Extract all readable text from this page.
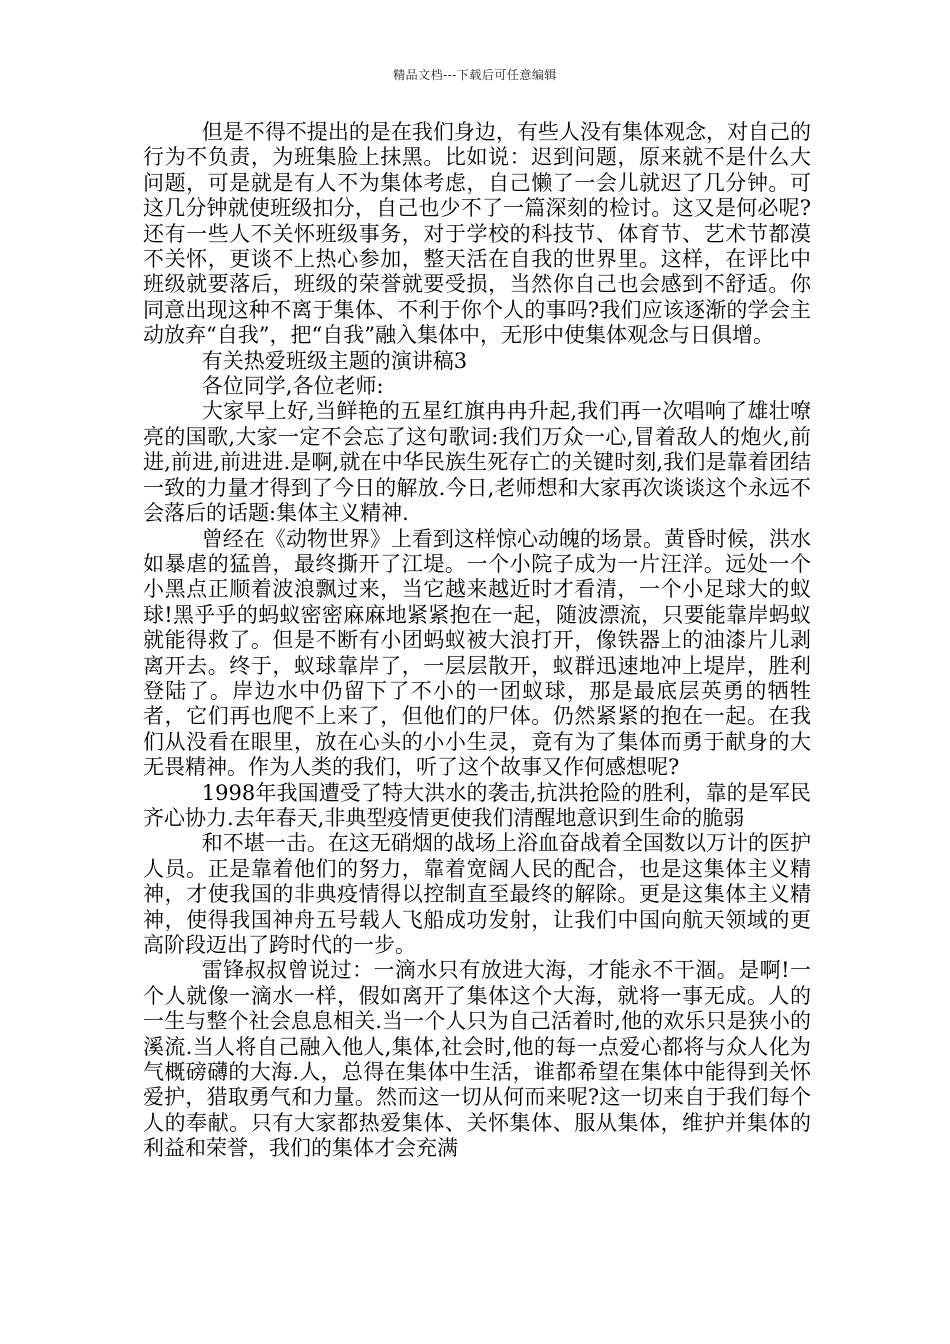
精品文档---下载后可任意编辑

但是不得不提出的是在我们身边，有些人没有集体观念，对自己的行为不负责，为班集脸上抹黑。比如说：迟到问题，原来就不是什么大问题，可是就是有人不为集体考虑，自己懒了一会儿就迟了几分钟。可这几分钟就使班级扣分，自己也少不了一篇深刻的检讨。这又是何必呢?还有一些人不关怀班级事务，对于学校的科技节、体育节、艺术节都漠不关怀，更谈不上热心参加，整天活在自我的世界里。这样，在评比中班级就要落后，班级的荣誉就要受损，当然你自己也会感到不舒适。你同意出现这种不离于集体、不利于你个人的事吗?我们应该逐渐的学会主动放弃“自我”，把“自我”融入集体中，无形中使集体观念与日俱增。

有关热爱班级主题的演讲稿3

各位同学,各位老师:

大家早上好,当鲜艳的五星红旗冉冉升起,我们再一次唱响了雄壮嘹亮的国歌,大家一定不会忘了这句歌词:我们万众一心,冒着敌人的炮火,前进,前进,前进进.是啊,就在中华民族生死存亡的关键时刻,我们是靠着团结一致的力量才得到了今日的解放.今日,老师想和大家再次谈谈这个永远不会落后的话题:集体主义精神.

曾经在《动物世界》上看到这样惊心动魄的场景。黄昏时候，洪水如暴虐的猛兽，最终撕开了江堤。一个小院子成为一片汪洋。远处一个小黑点正顺着波浪飘过来，当它越来越近时才看清，一个小足球大的蚁球!黑乎乎的蚂蚁密密麻麻地紧紧抱在一起，随波漂流，只要能靠岸蚂蚁就能得救了。但是不断有小团蚂蚁被大浪打开，像铁器上的油漆片儿剥离开去。终于，蚁球靠岸了，一层层散开，蚁群迅速地冲上堤岸，胜利登陆了。岸边水中仍留下了不小的一团蚁球，那是最底层英勇的牺牲者，它们再也爬不上来了，但他们的尸体。仍然紧紧的抱在一起。在我们从没看在眼里，放在心头的小小生灵，竟有为了集体而勇于献身的大无畏精神。作为人类的我们，听了这个故事又作何感想呢?

1998年我国遭受了特大洪水的袭击,抗洪抢险的胜利，靠的是军民齐心协力.去年春天,非典型疫情更使我们清醒地意识到生命的脆弱

和不堪一击。在这无硝烟的战场上浴血奋战着全国数以万计的医护人员。正是靠着他们的努力，靠着宽阔人民的配合，也是这集体主义精神，才使我国的非典疫情得以控制直至最终的解除。更是这集体主义精神，使得我国神舟五号载人飞船成功发射，让我们中国向航天领域的更高阶段迈出了跨时代的一步。

雷锋叔叔曾说过：一滴水只有放进大海，才能永不干涸。是啊!一个人就像一滴水一样，假如离开了集体这个大海，就将一事无成。人的一生与整个社会息息相关.当一个人只为自己活着时,他的欢乐只是狭小的溪流.当人将自己融入他人,集体,社会时,他的每一点爱心都将与众人化为气概磅礴的大海.人，总得在集体中生活，谁都希望在集体中能得到关怀爱护，猎取勇气和力量。然而这一切从何而来呢?这一切来自于我们每个人的奉献。只有大家都热爱集体、关怀集体、服从集体，维护并集体的利益和荣誉，我们的集体才会充满
